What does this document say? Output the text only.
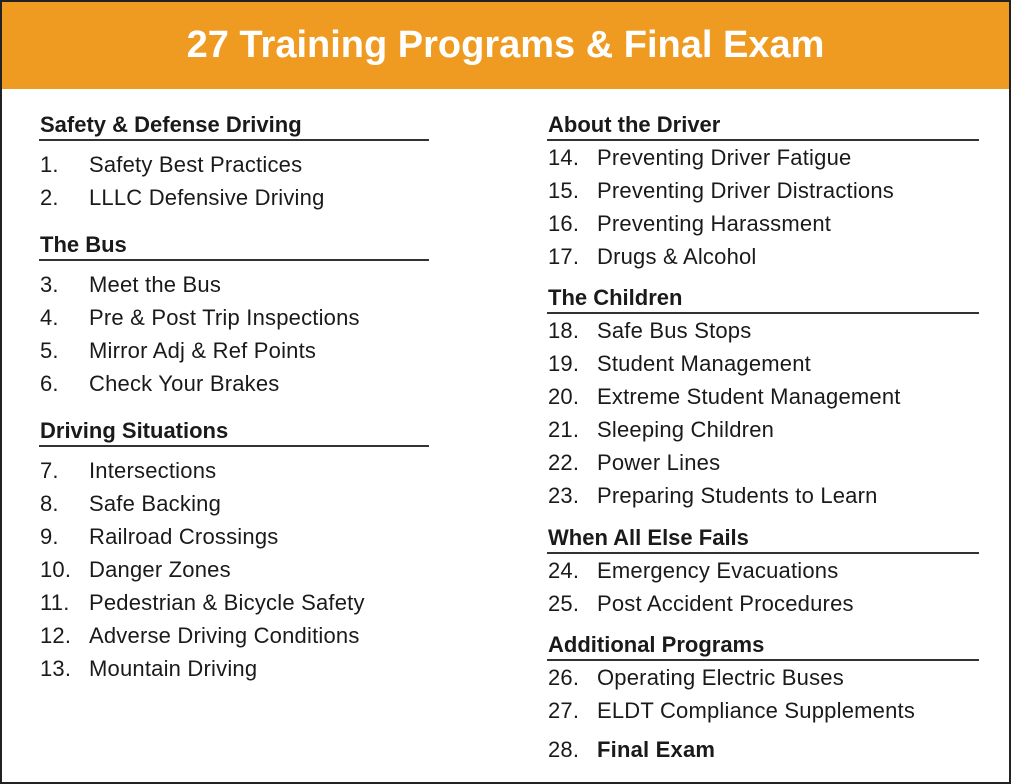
27 Training Programs & Final Exam
Safety & Defense Driving
1. Safety Best Practices
2. LLLC Defensive Driving
The Bus
3. Meet the Bus
4. Pre & Post Trip Inspections
5. Mirror Adj & Ref Points
6. Check Your Brakes
Driving Situations
7. Intersections
8. Safe Backing
9. Railroad Crossings
10. Danger Zones
11. Pedestrian & Bicycle Safety
12. Adverse Driving Conditions
13. Mountain Driving
About the Driver
14. Preventing Driver Fatigue
15. Preventing Driver Distractions
16. Preventing Harassment
17. Drugs & Alcohol
The Children
18. Safe Bus Stops
19. Student Management
20. Extreme Student Management
21. Sleeping Children
22. Power Lines
23. Preparing Students to Learn
When All Else Fails
24. Emergency Evacuations
25. Post Accident Procedures
Additional Programs
26. Operating Electric Buses
27. ELDT Compliance Supplements
28. Final Exam
